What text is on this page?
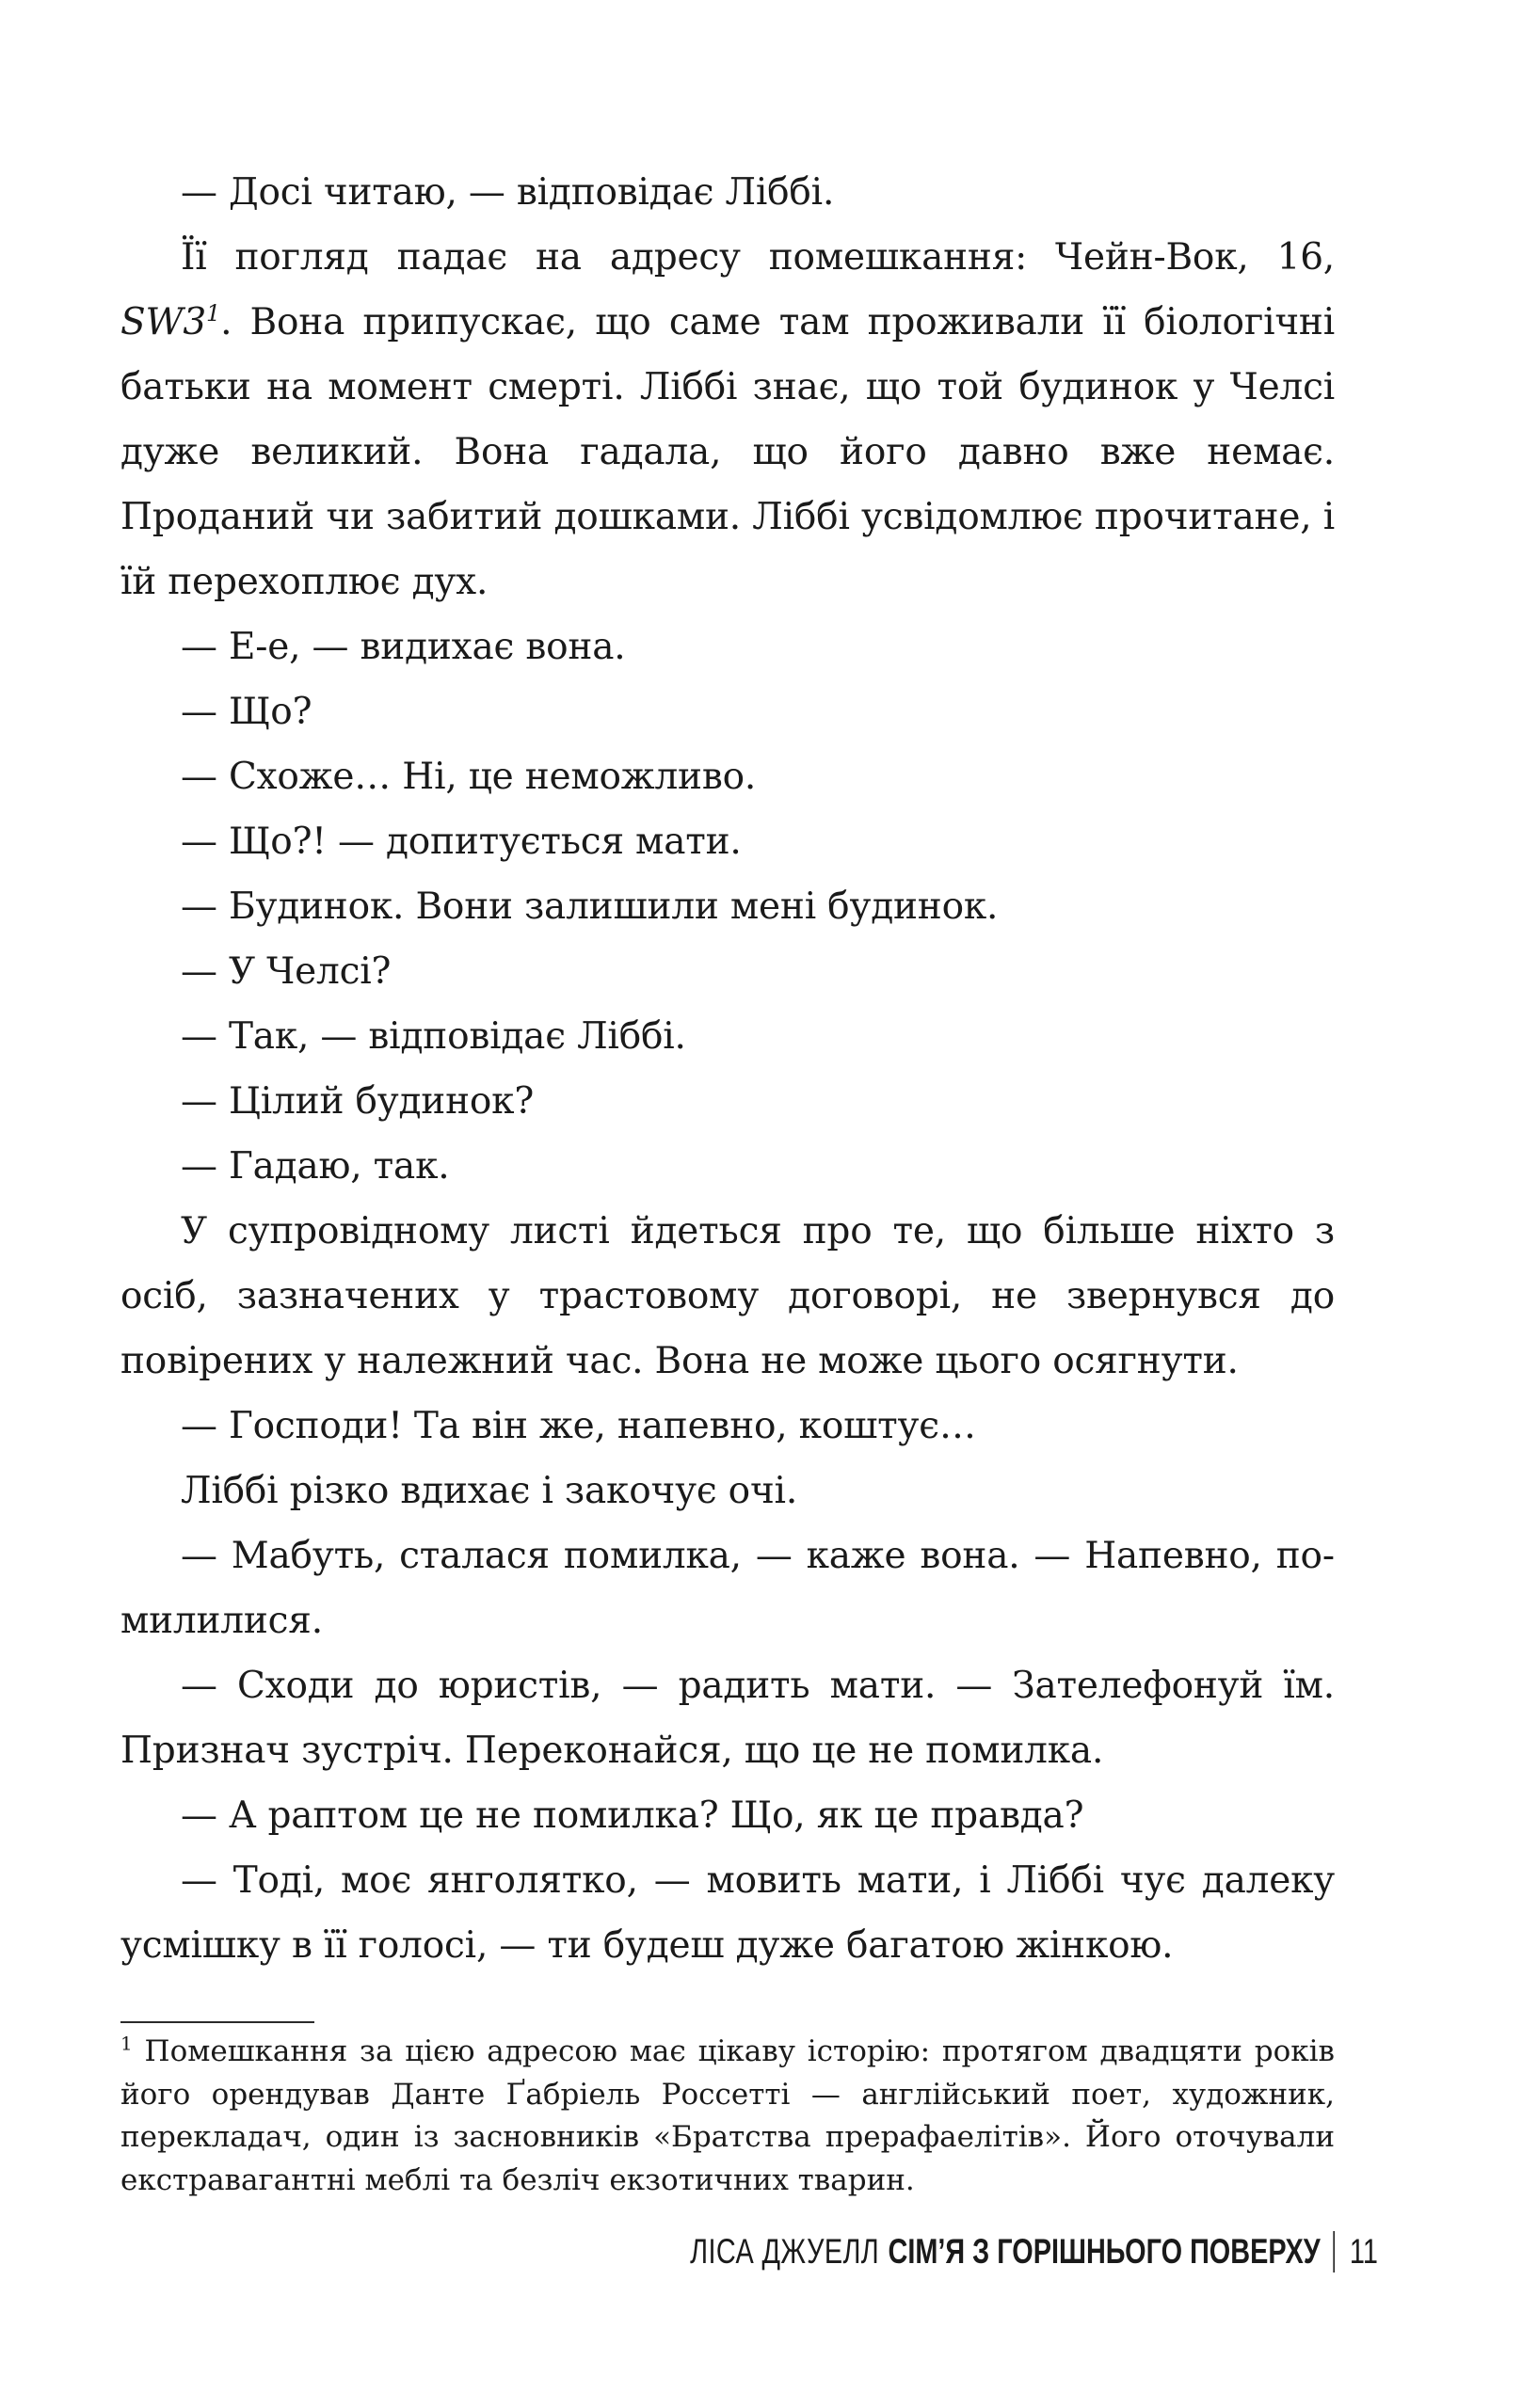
— Досі читаю, — відповідає Ліббі.

Її погляд падає на адресу помешкання: Чейн-Вок, 16, $SW3^1$. Вона припускає, що саме там проживали її біологічні батьки на момент смерті. Ліббі знає, що той будинок у Челсі дуже великий. Вона гадала, що його давно вже немає. Проданий чи забитий дошками. Ліббі усвідомлює прочитане, і їй перехоплює дух.

— Е-е, — видихає вона.

— Що?

— Схоже… Ні, це неможливо.

— Що?! — допитується мати.

— Будинок. Вони залишили мені будинок.

— У Челсі?

— Так, — відповідає Ліббі.

— Цілий будинок?

— Гадаю, так.

У супровідному листі йдеться про те, що більше ніхто з осіб, зазначених у трастовому договорі, не звернувся до повірених у належний час. Вона не може цього осягнути.

— Господи! Та він же, напевно, коштує…

Ліббі різко вдихає і закочує очі.

— Мабуть, сталася помилка, — каже вона. — Напевно, помилилися.

— Сходи до юристів, — радить мати. — Зателефонуй їм. Признач зустріч. Переконайся, що це не помилка.

— А раптом це не помилка? Що, як це правда?

— Тоді, моє янголятко, — мовить мати, і Ліббі чує далеку усмішку в її голосі, — ти будеш дуже багатою жінкою.

$^1$ Помешкання за цією адресою має цікаву історію: протягом двадцяти років його орендував Данте Ґабріель Россетті — англійський поет, художник, перекладач, один із засновників «Братства прерафаелітів». Його оточували екстравагантні меблі та безліч екзотичних тварин.

ЛІСА ДЖУЕЛЛ СІМ’Я З ГОРІШНЬОГО ПОВЕРХУ 11
